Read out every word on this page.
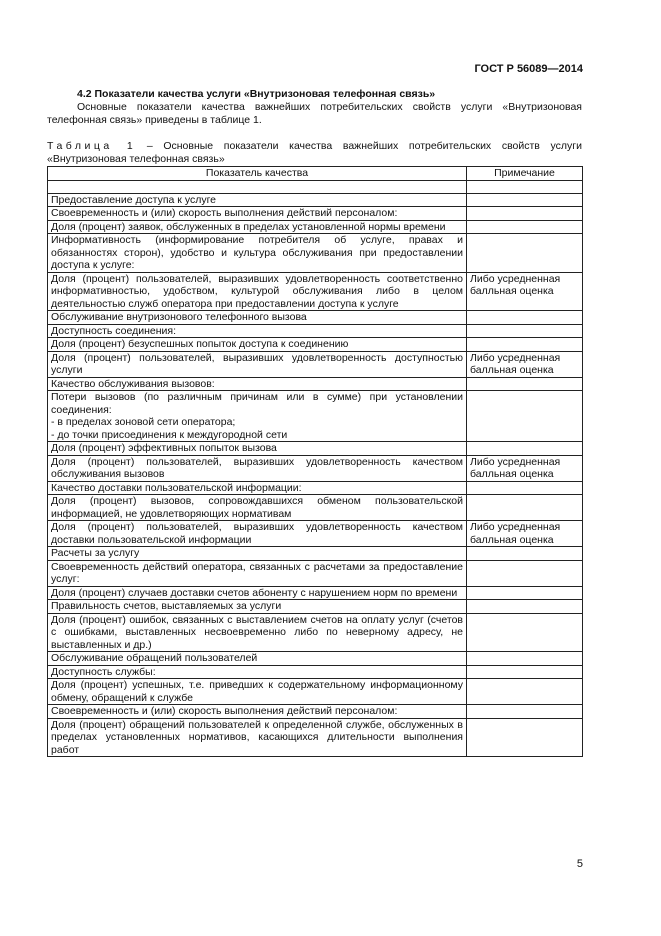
ГОСТ Р 56089—2014
4.2 Показатели качества услуги «Внутризоновая телефонная связь»
Основные показатели качества важнейших потребительских свойств услуги «Внутризоновая телефонная связь» приведены в таблице 1.
Таблица 1 – Основные показатели качества важнейших потребительских свойств услуги «Внутризоновая телефонная связь»
Показатель качества	Примечание

Предоставление доступа к услуге	

Своевременность и (или) скорость выполнения действий персоналом:	

Доля (процент) заявок, обслуженных в пределах установленной нормы времени	

Информативность (информирование потребителя об услуге, правах и обязанностях сторон), удобство и культура обслуживания при предоставлении доступа к услуге:	

Доля (процент) пользователей, выразивших удовлетворенность соответственно информативностью, удобством, культурой обслуживания либо в целом деятельностью служб оператора при предоставлении доступа к услуге	Либо усредненная балльная оценка

Обслуживание внутризонового телефонного вызова	

Доступность соединения:	

Доля (процент) безуспешных попыток доступа к соединению	

Доля (процент) пользователей, выразивших удовлетворенность доступностью услуги	Либо усредненная балльная оценка

Качество обслуживания вызовов:	

Потери вызовов (по различным причинам или в сумме) при установлении соединения:
- в пределах зоновой сети оператора;
- до точки присоединения к междугородной сети	

Доля (процент) эффективных попыток вызова	

Доля (процент) пользователей, выразивших удовлетворенность качеством обслуживания вызовов	Либо усредненная балльная оценка

Качество доставки пользовательской информации:	

Доля (процент) вызовов, сопровождавшихся обменом пользовательской информацией, не удовлетворяющих нормативам	

Доля (процент) пользователей, выразивших удовлетворенность качеством доставки пользовательской информации	Либо усредненная балльная оценка

Расчеты за услугу	

Своевременность действий оператора, связанных с расчетами за предоставление услуг:	

Доля (процент) случаев доставки счетов абоненту с нарушением норм по времени	

Правильность счетов, выставляемых за услуги	

Доля (процент) ошибок, связанных с выставлением счетов на оплату услуг (счетов с ошибками, выставленных несвоевременно либо по неверному адресу, не выставленных и др.)	

Обслуживание обращений пользователей	

Доступность службы:	

Доля (процент) успешных, т.е. приведших к содержательному информационному обмену, обращений к службе	

Своевременность и (или) скорость выполнения действий персоналом:	

Доля (процент) обращений пользователей к определенной службе, обслуженных в пределах установленных нормативов, касающихся длительности выполнения работ	

5
